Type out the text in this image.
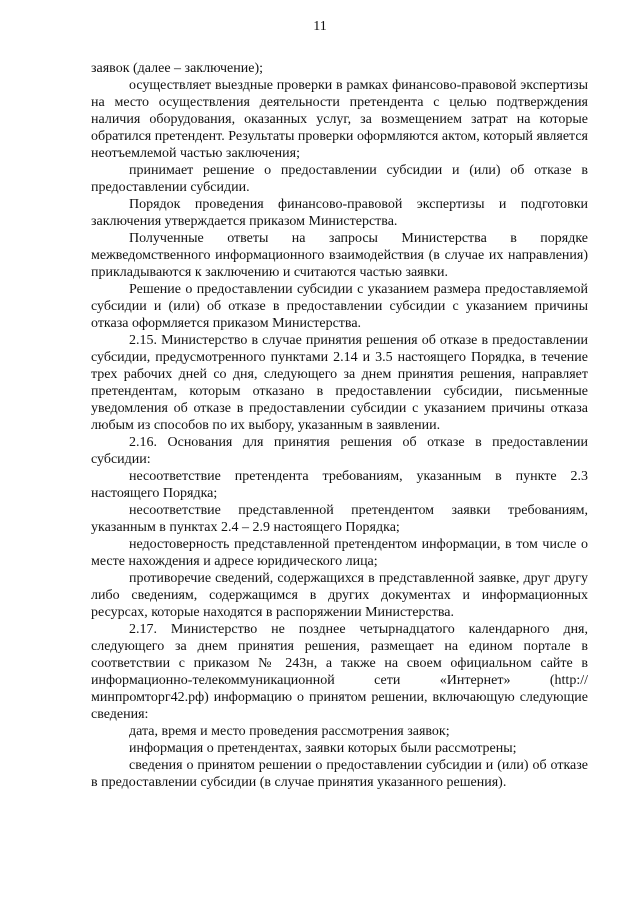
11

заявок (далее – заключение);

осуществляет выездные проверки в рамках финансово-правовой экспертизы на место осуществления деятельности претендента с целью подтверждения наличия оборудования, оказанных услуг, за возмещением затрат на которые обратился претендент. Результаты проверки оформляются актом, который является неотъемлемой частью заключения;

принимает решение о предоставлении субсидии и (или) об отказе в предоставлении субсидии.

Порядок проведения финансово-правовой экспертизы и подготовки заключения утверждается приказом Министерства.

Полученные ответы на запросы Министерства в порядке межведомственного информационного взаимодействия (в случае их направления) прикладываются к заключению и считаются частью заявки.

Решение о предоставлении субсидии с указанием размера предоставляемой субсидии и (или) об отказе в предоставлении субсидии с указанием причины отказа оформляется приказом Министерства.

2.15. Министерство в случае принятия решения об отказе в предоставлении субсидии, предусмотренного пунктами 2.14 и 3.5 настоящего Порядка, в течение трех рабочих дней со дня, следующего за днем принятия решения, направляет претендентам, которым отказано в предоставлении субсидии, письменные уведомления об отказе в предоставлении субсидии с указанием причины отказа любым из способов по их выбору, указанным в заявлении.

2.16. Основания для принятия решения об отказе в предоставлении субсидии:

несоответствие претендента требованиям, указанным в пункте 2.3 настоящего Порядка;

несоответствие представленной претендентом заявки требованиям, указанным в пунктах 2.4 – 2.9 настоящего Порядка;

недостоверность представленной претендентом информации, в том числе о месте нахождения и адресе юридического лица;

противоречие сведений, содержащихся в представленной заявке, друг другу либо сведениям, содержащимся в других документах и информационных ресурсах, которые находятся в распоряжении Министерства.

2.17. Министерство не позднее четырнадцатого календарного дня, следующего за днем принятия решения, размещает на едином портале в соответствии с приказом № 243н, а также на своем официальном сайте в информационно-телекоммуникационной сети «Интернет» (http://минпромторг42.рф) информацию о принятом решении, включающую следующие сведения:

дата, время и место проведения рассмотрения заявок;

информация о претендентах, заявки которых были рассмотрены;

сведения о принятом решении о предоставлении субсидии и (или) об отказе в предоставлении субсидии (в случае принятия указанного решения).
